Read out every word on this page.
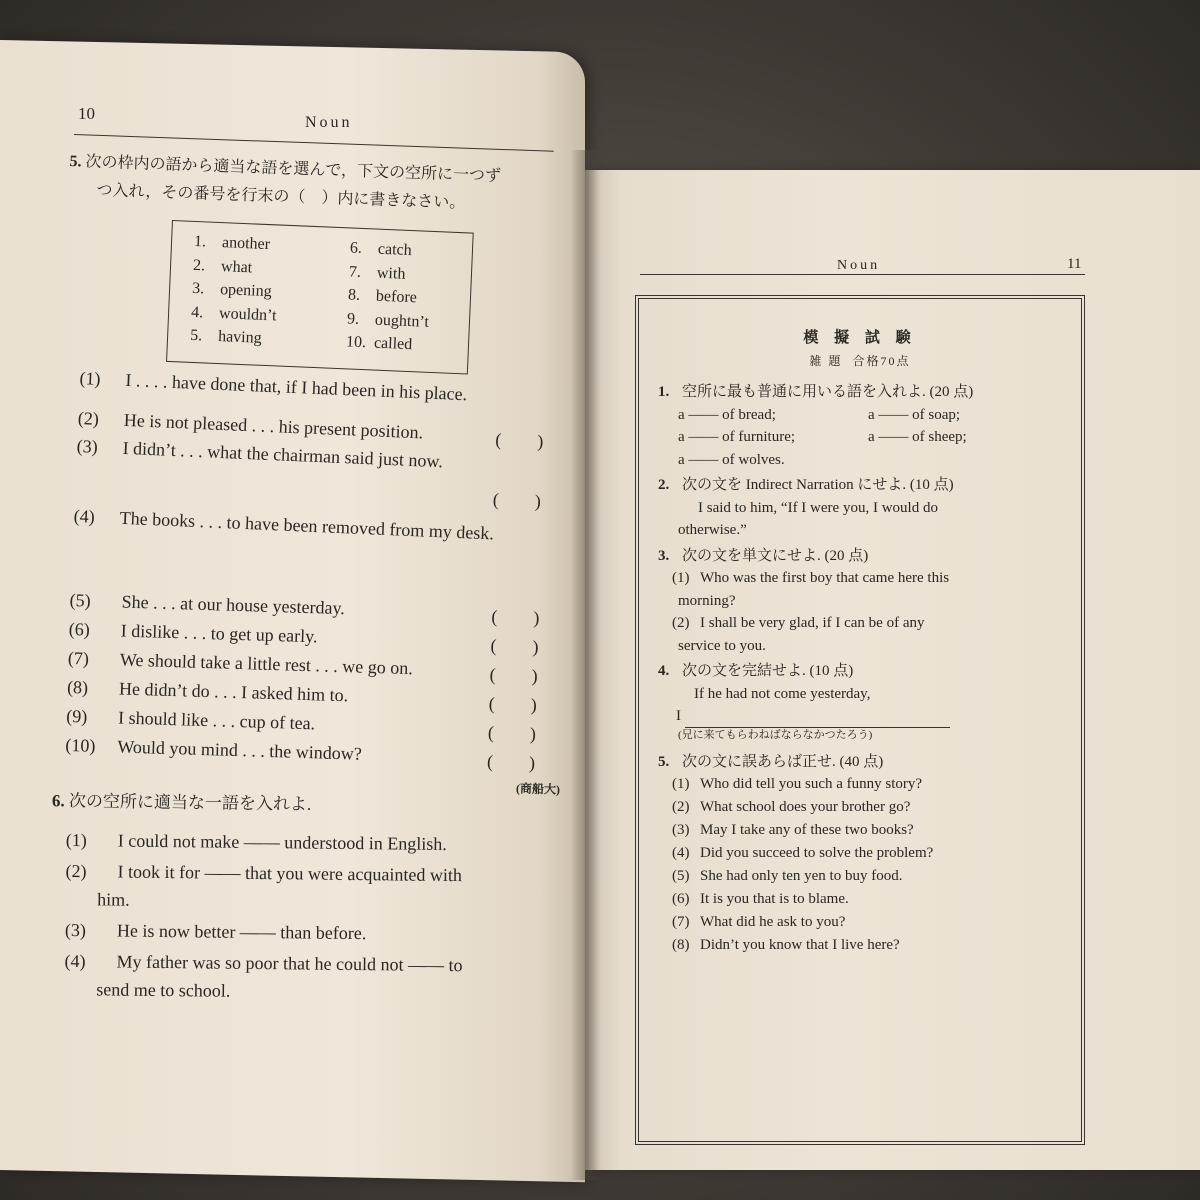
10	Noun
5. 次の枠内の語から適当な語を選んで，下文の空所に一つず
つ入れ，その番号を行末の（　）内に書きなさい。
1. another
2. what
3. opening
4. wouldn’t
5. having
6. catch
7. with
8. before
9. oughtn’t
10. called
(1) I . . . . have done that, if I had been in his place.
(2) He is not pleased . . . his present position.	(　　)
(3) I didn’t . . . what the chairman said just now.
(　　)
(4) The books . . . to have been removed from my desk.
(5) She . . . at our house yesterday.	(　　)
(6) I dislike . . . to get up early.	(　　)
(7) We should take a little rest . . . we go on.	(　　)
(8) He didn’t do . . . I asked him to.	(　　)
(9) I should like . . . cup of tea.	(　　)
(10) Would you mind . . . the window?	(　　)
(商船大)
6. 次の空所に適当な一語を入れよ.
(1) I could not make —— understood in English.
(2) I took it for —— that you were acquainted with
him.
(3) He is now better —— than before.
(4) My father was so poor that he could not —— to
send me to school.
Noun	11
模 擬 試 験
雑 題 合格70点
1. 空所に最も普通に用いる語を入れよ. (20 点)
a —— of bread;	a —— of soap;
a —— of furniture;	a —— of sheep;
a —— of wolves.
2. 次の文を Indirect Narration にせよ. (10 点)
I said to him, “If I were you, I would do
otherwise.”
3. 次の文を単文にせよ. (20 点)
(1) Who was the first boy that came here this
morning?
(2) I shall be very glad, if I can be of any
service to you.
4. 次の文を完結せよ. (10 点)
If he had not come yesterday,
I
(兄に来てもらわねばならなかつたろう)
5. 次の文に誤あらば正せ. (40 点)
(1) Who did tell you such a funny story?
(2) What school does your brother go?
(3) May I take any of these two books?
(4) Did you succeed to solve the problem?
(5) She had only ten yen to buy food.
(6) It is you that is to blame.
(7) What did he ask to you?
(8) Didn’t you know that I live here?
